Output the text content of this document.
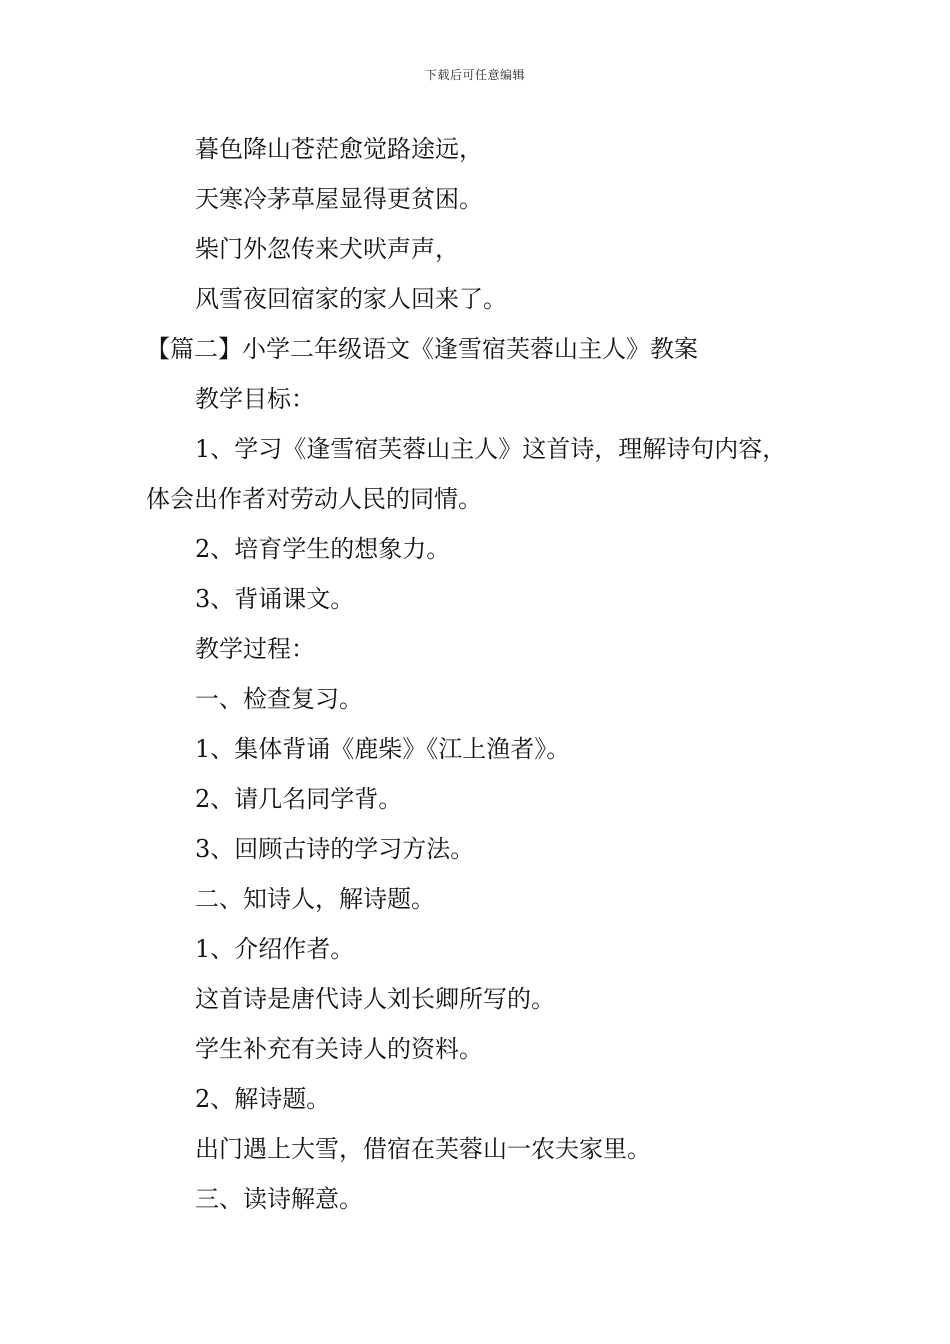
下载后可任意编辑
暮色降山苍茫愈觉路途远，
天寒冷茅草屋显得更贫困。
柴门外忽传来犬吠声声，
风雪夜回宿家的家人回来了。
【篇二】小学二年级语文《逢雪宿芙蓉山主人》教案
教学目标：
1、学习《逢雪宿芙蓉山主人》这首诗，理解诗句内容，
体会出作者对劳动人民的同情。
2、培育学生的想象力。
3、背诵课文。
教学过程：
一、检查复习。
1、集体背诵《鹿柴》《江上渔者》。
2、请几名同学背。
3、回顾古诗的学习方法。
二、知诗人，解诗题。
1、介绍作者。
这首诗是唐代诗人刘长卿所写的。
学生补充有关诗人的资料。
2、解诗题。
出门遇上大雪，借宿在芙蓉山一农夫家里。
三、读诗解意。
